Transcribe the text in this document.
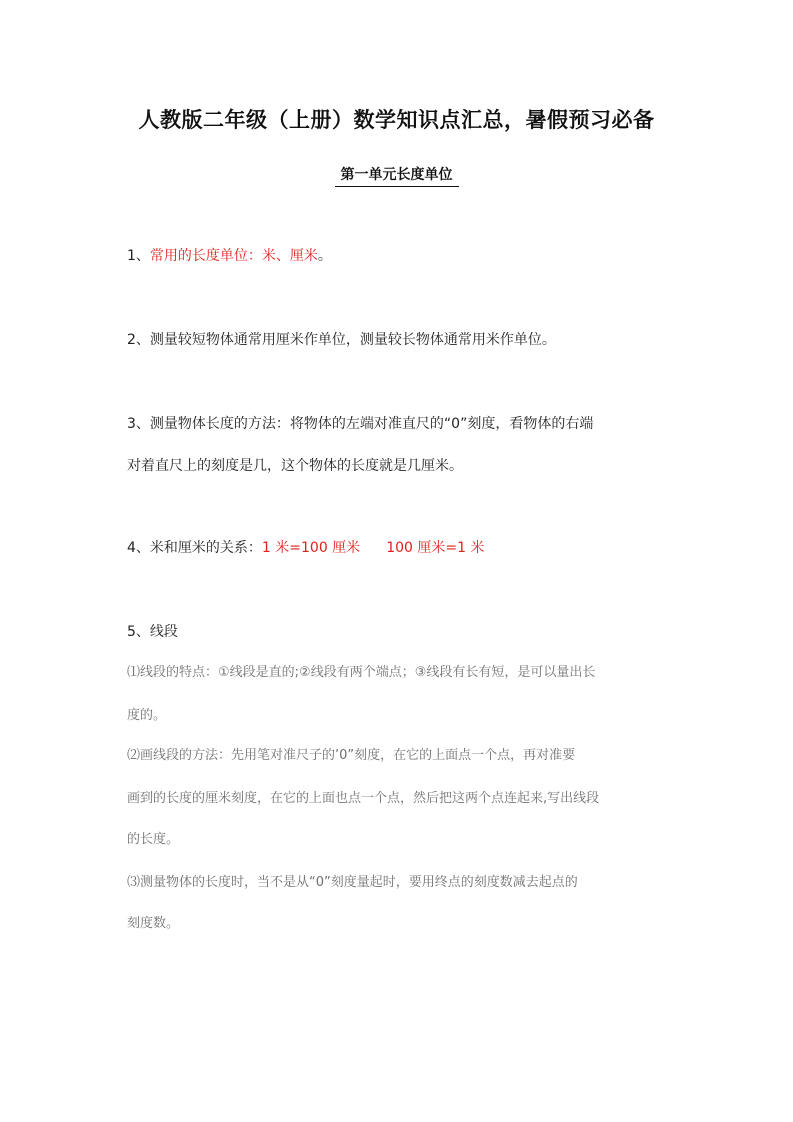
人教版二年级（上册）数学知识点汇总，暑假预习必备
第一单元长度单位
1、常用的长度单位：米、厘米。
2、测量较短物体通常用厘米作单位，测量较长物体通常用米作单位。
3、测量物体长度的方法：将物体的左端对准直尺的“0”刻度，看物体的右端
对着直尺上的刻度是几，这个物体的长度就是几厘米。
4、米和厘米的关系：1 米=100 厘米 100 厘米=1 米
5、线段
⑴线段的特点：①线段是直的;②线段有两个端点；③线段有长有短，是可以量出长
度的。
⑵画线段的方法：先用笔对准尺子的’0”刻度，在它的上面点一个点，再对准要
画到的长度的厘米刻度，在它的上面也点一个点，然后把这两个点连起来,写出线段
的长度。
⑶测量物体的长度时，当不是从“0”刻度量起时，要用终点的刻度数减去起点的
刻度数。
